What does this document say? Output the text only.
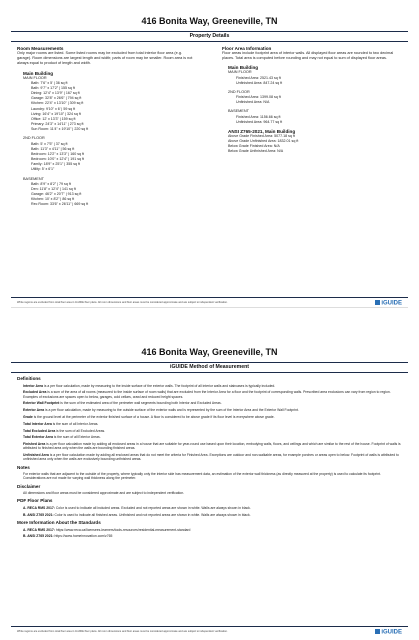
416 Bonita Way, Greeneville, TN
Property Details
Room Measurements
Only major rooms are listed. Some listed rooms may be excluded from total interior floor area (e.g. garage). Room dimensions are largest length and width; parts of room may be smaller. Room area is not always equal to product of length and width.
Main Building
MAIN FLOOR
Bath: 7'6" x 5' | 36 sq ft
Bath: 9'7" x 17'2" | 155 sq ft
Dining: 12'4" x 13'9" | 167 sq ft
Garage: 32'8" x 26'6" | 794 sq ft
Kitchen: 22'4" x 13'10" | 309 sq ft
Laundry: 9'10" x 6' | 59 sq ft
Living: 16'4" x 19'10" | 324 sq ft
Office: 12' x 13'3" | 159 sq ft
Primary: 24'3" x 14'11" | 273 sq ft
Sun Room: 11'4" x 19'10" | 220 sq ft
2ND FLOOR
Bath: 5' x 7'5" | 37 sq ft
Bath: 11'3" x 4'11" | 56 sq ft
Bedroom: 12'2" x 13'3" | 160 sq ft
Bedroom: 10'0" x 12'4" | 191 sq ft
Family: 18'9" x 25'1" | 355 sq ft
Utility: 5' x 6'1"
BASEMENT
Bath: 8'9" x 8'2" | 79 sq ft
Den: 11'8" x 12'4" | 141 sq ft
Garage: 46'2" x 20'7" | 913 sq ft
Kitchen: 10' x 8'2" | 86 sq ft
Rec Room: 33'6" x 26'11" | 669 sq ft
Floor Area Information
Floor areas include footprint area of interior walls. All displayed floor areas are rounded to two decimal places. Total area is computed before rounding and may not equal to sum of displayed floor areas.
Main Building
MAIN FLOOR
Finished Area: 2521.43 sq ft
Unfinished Area: 847.24 sq ft
2ND FLOOR
Finished Area: 1399.08 sq ft
Unfinished Area: N/A
BASEMENT
Finished Area: 1156.66 sq ft
Unfinished Area: 964.77 sq ft
ANSI Z765-2021, Main Building
Above Grade Finished Area: 5077.18 sq ft
Above Grade Unfinished Area: 1832.01 sq ft
Below Grade Finished Area: N/A
Below Grade Unfinished Area: N/A
White regions are excluded from total floor area in iGUIDE floor plans. All room dimensions and floor areas must be considered approximate and are subject to independent verification.	iGUIDE
416 Bonita Way, Greeneville, TN
iGUIDE Method of Measurement
Definitions
Interior Area is a per floor calculation, made by measuring to the inside surface of the exterior walls. The footprint of all interior walls and staircases is typically included.
Excluded Area is a sum of the area of all rooms (measured to the inside surface of room walls) that are excluded from the Interior Area for a floor and the footprint of corresponding walls. Prescribed area exclusions can vary from region to region. Examples of exclusions are spaces open to below, garages, cold cellars, crawl and reduced height spaces.
Exterior Wall Footprint is the sum of the estimated area of the perimeter wall segments bounding both Interior and Excluded Areas.
Exterior Area is a per floor calculation, made by measuring to the outside surface of the exterior walls and is represented by the sum of the Interior Area and the Exterior Wall Footprint.
Grade is the ground level at the perimeter of the exterior finished surface of a house. A floor is considered to be above grade if its floor level is everywhere above grade.
Total Interior Area is the sum of all Interior Areas.
Total Excluded Area is the sum of all Excluded Areas.
Total Exterior Area is the sum of all Exterior Areas.
Finished Area is a per floor calculation made by adding all enclosed areas in a house that are suitable for year-round use based upon their location, embodying walls, floors, and ceilings and which are similar to the rest of the house. Footprint of walls is attributed to finished area only when the walls are bounding finished areas.
Unfinished Area is a per floor calculation made by adding all enclosed areas that do not meet the criteria for Finished Area. Exceptions are outdoor and non-walkable areas, for example porches or areas open to below. Footprint of walls is attributed to unfinished area only when the walls are exclusively bounding unfinished areas.
Notes
For exterior walls that are adjacent to the outside of the property, where typically only the interior side has measurement data, an estimation of the exterior wall thickness (as directly measured at the property) is used to calculate its footprint. Considerations are not made for varying wall thickness along the perimeter.
Disclaimer
All dimensions and floor areas must be considered approximate and are subject to independent verification.
PDF Floor Plans
A. RECA RMS 2017: Color is used to indicate all included areas. Excluded and not reported areas are shown in white. Walls are always shown in black.
B. ANSI Z765 2021: Color is used to indicate all finished areas. Unfinished and not reported areas are shown in white. Walls are always shown in black.
More Information About the Standards
A. RECA RMS 2017: https://www.reca.ca/licensees-learners/tools-resources/residential-measurement-standard
B. ANSI Z765 2021: https://www.homeinnovation.com/z765
White regions are excluded from total floor area in iGUIDE floor plans. All room dimensions and floor areas must be considered approximate and are subject to independent verification.	iGUIDE
